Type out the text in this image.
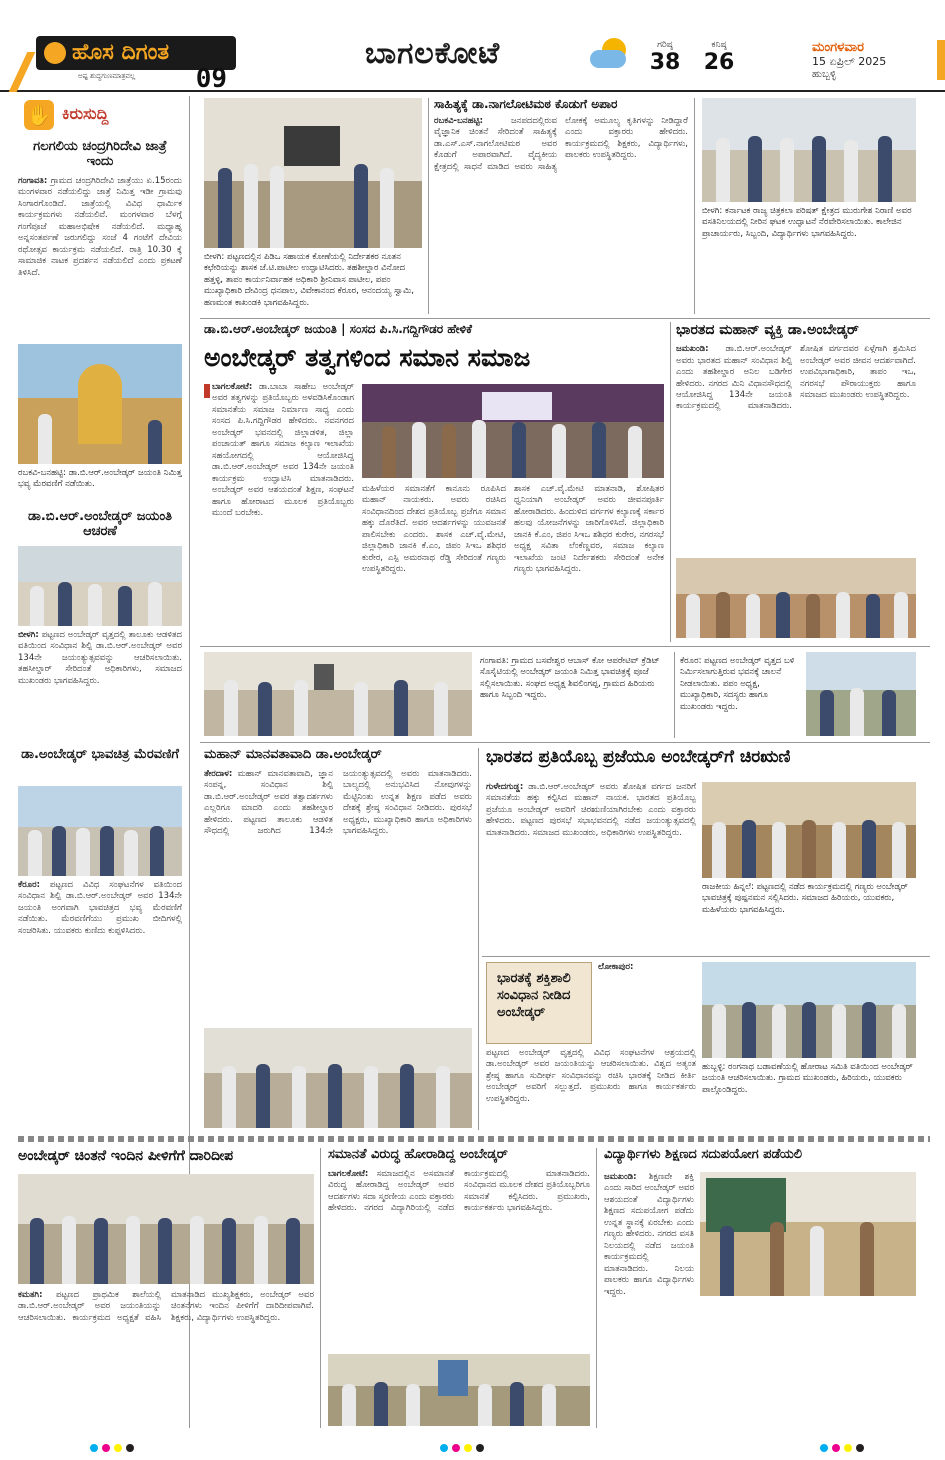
ಹೊಸ ದಿಗಂತ
ಅಷ್ಟ ಶುದ್ಧಗುಣಮಾತ್ರವಲ್ಲ 09
ಬಾಗಲಕೋಟೆ	ಗರಿಷ್ಠ
38
ಕನಿಷ್ಠ
26
ಮಂಗಳವಾರ
15 ಏಪ್ರಿಲ್ 2025
ಹುಬ್ಬಳ್ಳಿ
✋ ಕಿರುಸುದ್ದಿ
ಗಲಗಲಿಯ ಚಂದ್ರಗಿರಿದೇವಿ ಜಾತ್ರೆ ಇಂದು
ಗಂಗಾವತಿ: ಗ್ರಾಮದ ಚಂದ್ರಗಿರಿದೇವಿ ಜಾತ್ರೆಯು ಏ.15ರಂದು ಮಂಗಳವಾರ ನಡೆಯಲಿದ್ದು ಜಾತ್ರೆ ನಿಮಿತ್ತ ಇಡೀ ಗ್ರಾಮವು ಸಿಂಗಾರಗೊಂಡಿದೆ. ಜಾತ್ರೆಯಲ್ಲಿ ವಿವಿಧ ಧಾರ್ಮಿಕ ಕಾರ್ಯಕ್ರಮಗಳು ನಡೆಯಲಿವೆ. ಮಂಗಳವಾರ ಬೆಳಗ್ಗೆ ಗಂಗೆಪೂಜೆ ಮಹಾಅಭಿಷೇಕ ನಡೆಯಲಿದೆ. ಮಧ್ಯಾಹ್ನ ಅನ್ನಸಂತರ್ಪಣೆ ಜರುಗಲಿದ್ದು ಸಂಜೆ 4 ಗಂಟೆಗೆ ದೇವಿಯ ರಥೋತ್ಸವ ಕಾರ್ಯಕ್ರಮ ನಡೆಯಲಿದೆ. ರಾತ್ರಿ 10.30 ಕ್ಕೆ ಸಾಮಾಜಿಕ ನಾಟಕ ಪ್ರದರ್ಶನ ನಡೆಯಲಿದೆ ಎಂದು ಪ್ರಕಟಣೆ ತಿಳಿಸಿದೆ.
ರಬಕವಿ-ಬನಹಟ್ಟಿ: ಡಾ.ಬಿ.ಆರ್.ಅಂಬೇಡ್ಕರ್ ಜಯಂತಿ ನಿಮಿತ್ತ ಭವ್ಯ ಮೆರವಣಿಗೆ ನಡೆಯಿತು.
ಡಾ.ಬಿ.ಆರ್.ಅಂಬೇಡ್ಕರ್ ಜಯಂತಿ ಆಚರಣೆ
ಬೀಳಗಿ: ಪಟ್ಟಣದ ಅಂಬೇಡ್ಕರ್ ವೃತ್ತದಲ್ಲಿ ತಾಲೂಕು ಆಡಳಿತದ ವತಿಯಿಂದ ಸಂವಿಧಾನ ಶಿಲ್ಪಿ ಡಾ.ಬಿ.ಆರ್.ಅಂಬೇಡ್ಕರ್ ಅವರ 134ನೇ ಜಯಂತ್ಯುತ್ಸವವನ್ನು ಆಚರಿಸಲಾಯಿತು. ತಹಸೀಲ್ದಾರ್ ಸೇರಿದಂತೆ ಅಧಿಕಾರಿಗಳು, ಸಮಾಜದ ಮುಖಂಡರು ಭಾಗವಹಿಸಿದ್ದರು.
ಡಾ.ಅಂಬೇಡ್ಕರ್ ಭಾವಚಿತ್ರ ಮೆರವಣಿಗೆ
ಕೆರೂರ: ಪಟ್ಟಣದ ವಿವಿಧ ಸಂಘಟನೆಗಳ ವತಿಯಿಂದ ಸಂವಿಧಾನ ಶಿಲ್ಪಿ ಡಾ.ಬಿ.ಆರ್.ಅಂಬೇಡ್ಕರ್ ಅವರ 134ನೇ ಜಯಂತಿ ಅಂಗವಾಗಿ ಭಾವಚಿತ್ರದ ಭವ್ಯ ಮೆರವಣಿಗೆ ನಡೆಯಿತು. ಮೆರವಣಿಗೆಯು ಪ್ರಮುಖ ಬೀದಿಗಳಲ್ಲಿ ಸಂಚರಿಸಿತು. ಯುವಕರು ಕುಣಿದು ಕುಪ್ಪಳಿಸಿದರು.
ಬೀಳಗಿ: ಪಟ್ಟಣದಲ್ಲಿನ ಪಿಡಿಒ ಸಹಾಯಕ ಕೋಣೆಯಲ್ಲಿ ನಿರ್ದೇಶಕರ ನೂತನ ಕಛೇರಿಯನ್ನು ಶಾಸಕ ಜೆ.ಟಿ.ಪಾಟೀಲ ಉದ್ಘಾಟಿಸಿದರು. ತಹಶೀಲ್ದಾರ ವಿನೋದ ಹತ್ತಳ್ಳಿ, ತಾಪಂ ಕಾರ್ಯನಿರ್ವಾಹಕ ಅಧಿಕಾರಿ ಶ್ರೀನಿವಾಸ ಪಾಟೀಲ, ಪಪಂ ಮುಖ್ಯಾಧಿಕಾರಿ ದೇವಿಂದ್ರ ಧನಪಾಲ, ವಿವೇಕಾನಂದ ಕೆರೂರ, ಆನಂದಯ್ಯ ಸ್ವಾಮಿ, ಹಣಮಂತ ಕಾಖಂಡಕಿ ಭಾಗವಹಿಸಿದ್ದರು.
ಸಾಹಿತ್ಯಕ್ಕೆ ಡಾ.ನಾಗಲೋಟಿಮಠ ಕೊಡುಗೆ ಅಪಾರ
ರಬಕವಿ-ಬನಹಟ್ಟಿ:	ಜನಪದದಲ್ಲಿರುವ ವೈಜ್ಞಾನಿಕ ಚಿಂತನೆ ಸೇರಿದಂತೆ ಸಾಹಿತ್ಯಕ್ಕೆ ಡಾ.ಎಸ್.ಎಸ್.ನಾಗಲೋಟಿಮಠ ಅವರ ಕೊಡುಗೆ ಅಪಾರವಾಗಿದೆ. ವೈದ್ಯಕೀಯ ಕ್ಷೇತ್ರದಲ್ಲಿ ಸಾಧನೆ ಮಾಡಿದ ಅವರು ಸಾಹಿತ್ಯ ಲೋಕಕ್ಕೆ ಅಮೂಲ್ಯ ಕೃತಿಗಳನ್ನು ನೀಡಿದ್ದಾರೆ ಎಂದು ವಕ್ತಾರರು ಹೇಳಿದರು. ಕಾರ್ಯಕ್ರಮದಲ್ಲಿ ಶಿಕ್ಷಕರು, ವಿದ್ಯಾರ್ಥಿಗಳು, ಪಾಲಕರು ಉಪಸ್ಥಿತರಿದ್ದರು.
ಬೀಳಗಿ: ಕರ್ನಾಟಕ ರಾಜ್ಯ ಚಿತ್ರಕಲಾ ಪರಿಷತ್ ಕ್ಷೇತ್ರದ ಮುರುಗೇಶ ನಿರಾಣಿ ಅವರ ವಸತಿನಿಲಯದಲ್ಲಿ ನೀರಿನ ಘಟಕ ಉದ್ಘಾಟನೆ ನೆರವೇರಿಸಲಾಯಿತು. ಕಾಲೇಜಿನ ಪ್ರಾಚಾರ್ಯರು, ಸಿಬ್ಬಂದಿ, ವಿದ್ಯಾರ್ಥಿಗಳು ಭಾಗವಹಿಸಿದ್ದರು.
ಡಾ.ಬಿ.ಆರ್.ಅಂಬೇಡ್ಕರ್ ಜಯಂತಿ | ಸಂಸದ ಪಿ.ಸಿ.ಗದ್ದಿಗೌಡರ ಹೇಳಿಕೆ
ಅಂಬೇಡ್ಕರ್ ತತ್ವಗಳಿಂದ ಸಮಾನ ಸಮಾಜ
ಬಾಗಲಕೋಟೆ: ಡಾ.ಬಾಬಾ ಸಾಹೇಬ ಅಂಬೇಡ್ಕರ್ ಅವರ ತತ್ವಗಳನ್ನು ಪ್ರತಿಯೊಬ್ಬರು ಅಳವಡಿಸಿಕೊಂಡಾಗ ಸಮಾನತೆಯ ಸಮಾಜ ನಿರ್ಮಾಣ ಸಾಧ್ಯ ಎಂದು ಸಂಸದ ಪಿ.ಸಿ.ಗದ್ದಿಗೌಡರ ಹೇಳಿದರು. ನವನಗರದ ಅಂಬೇಡ್ಕರ್ ಭವನದಲ್ಲಿ ಜಿಲ್ಲಾಡಳಿತ, ಜಿಲ್ಲಾ ಪಂಚಾಯತ್ ಹಾಗೂ ಸಮಾಜ ಕಲ್ಯಾಣ ಇಲಾಖೆಯ ಸಹಯೋಗದಲ್ಲಿ ಆಯೋಜಿಸಿದ್ದ ಡಾ.ಬಿ.ಆರ್.ಅಂಬೇಡ್ಕರ್ ಅವರ 134ನೇ ಜಯಂತಿ ಕಾರ್ಯಕ್ರಮ ಉದ್ಘಾಟಿಸಿ ಮಾತನಾಡಿದರು. ಅಂಬೇಡ್ಕರ್ ಅವರ ಆಶಯದಂತೆ ಶಿಕ್ಷಣ, ಸಂಘಟನೆ ಹಾಗೂ ಹೋರಾಟದ ಮೂಲಕ ಪ್ರತಿಯೊಬ್ಬರು ಮುಂದೆ ಬರಬೇಕು.
ಮಹಿಳೆಯರ ಸಮಾನತೆಗೆ ಕಾನೂನು ರೂಪಿಸಿದ ಮಹಾನ್ ನಾಯಕರು. ಅವರು ರಚಿಸಿದ ಸಂವಿಧಾನದಿಂದ ದೇಶದ ಪ್ರತಿಯೊಬ್ಬ ಪ್ರಜೆಗೂ ಸಮಾನ ಹಕ್ಕು ದೊರೆತಿದೆ. ಅವರ ಆದರ್ಶಗಳನ್ನು ಯುವಜನತೆ ಪಾಲಿಸಬೇಕು ಎಂದರು. ಶಾಸಕ ಎಚ್.ವೈ.ಮೇಟಿ, ಜಿಲ್ಲಾಧಿಕಾರಿ ಜಾನಕಿ ಕೆ.ಎಂ, ಜಿಪಂ ಸಿಇಒ ಶಶಿಧರ ಕುರೇರ, ಎಸ್ಪಿ ಅಮರನಾಥ ರೆಡ್ಡಿ ಸೇರಿದಂತೆ ಗಣ್ಯರು ಉಪಸ್ಥಿತರಿದ್ದರು.
ಶಾಸಕ ಎಚ್.ವೈ.ಮೇಟಿ ಮಾತನಾಡಿ, ಶೋಷಿತರ ಧ್ವನಿಯಾಗಿ ಅಂಬೇಡ್ಕರ್ ಅವರು ಜೀವನಪೂರ್ತಿ ಹೋರಾಡಿದರು. ಹಿಂದುಳಿದ ವರ್ಗಗಳ ಕಲ್ಯಾಣಕ್ಕೆ ಸರ್ಕಾರ ಹಲವು ಯೋಜನೆಗಳನ್ನು ಜಾರಿಗೊಳಿಸಿದೆ. ಜಿಲ್ಲಾಧಿಕಾರಿ ಜಾನಕಿ ಕೆ.ಎಂ, ಜಿಪಂ ಸಿಇಒ ಶಶಿಧರ ಕುರೇರ, ನಗರಸಭೆ ಅಧ್ಯಕ್ಷ ಸವಿತಾ ಲೆಂಕೆಣ್ಣವರ, ಸಮಾಜ ಕಲ್ಯಾಣ ಇಲಾಖೆಯ ಜಂಟಿ ನಿರ್ದೇಶಕರು ಸೇರಿದಂತೆ ಅನೇಕ ಗಣ್ಯರು ಭಾಗವಹಿಸಿದ್ದರು.
ಭಾರತದ ಮಹಾನ್ ವ್ಯಕ್ತಿ ಡಾ.ಅಂಬೇಡ್ಕರ್
ಜಮಖಂಡಿ: ಡಾ.ಬಿ.ಆರ್.ಅಂಬೇಡ್ಕರ್ ಅವರು ಭಾರತದ ಮಹಾನ್ ಸಂವಿಧಾನ ಶಿಲ್ಪಿ ಎಂದು ತಹಶೀಲ್ದಾರ ಅನಿಲ ಬಡಿಗೇರ ಹೇಳಿದರು. ನಗರದ ಮಿನಿ ವಿಧಾನಸೌಧದಲ್ಲಿ ಆಯೋಜಿಸಿದ್ದ 134ನೇ ಜಯಂತಿ ಕಾರ್ಯಕ್ರಮದಲ್ಲಿ ಮಾತನಾಡಿದರು. ಶೋಷಿತ ವರ್ಗದವರ ಏಳ್ಗೆಗಾಗಿ ಶ್ರಮಿಸಿದ ಅಂಬೇಡ್ಕರ್ ಅವರ ಜೀವನ ಆದರ್ಶವಾಗಿದೆ. ಉಪವಿಭಾಗಾಧಿಕಾರಿ, ತಾಪಂ ಇಒ, ನಗರಸಭೆ ಪೌರಾಯುಕ್ತರು ಹಾಗೂ ಸಮಾಜದ ಮುಖಂಡರು ಉಪಸ್ಥಿತರಿದ್ದರು.
ಗಂಗಾವತಿ: ಗ್ರಾಮದ ಬಸವೇಶ್ವರ ಆಬಾಸ್ ಕೋ ಆಪರೇಟಿವ್ ಕ್ರೆಡಿಟ್ ಸೊಸೈಟಿಯಲ್ಲಿ ಅಂಬೇಡ್ಕರ್ ಜಯಂತಿ ನಿಮಿತ್ತ ಭಾವಚಿತ್ರಕ್ಕೆ ಪೂಜೆ ಸಲ್ಲಿಸಲಾಯಿತು. ಸಂಘದ ಅಧ್ಯಕ್ಷ ಶಿವಲಿಂಗಪ್ಪ, ಗ್ರಾಮದ ಹಿರಿಯರು ಹಾಗೂ ಸಿಬ್ಬಂದಿ ಇದ್ದರು.
ಕೆರೂರ: ಪಟ್ಟಣದ ಅಂಬೇಡ್ಕರ್ ವೃತ್ತದ ಬಳಿ ನಿರ್ಮಿಸಲಾಗುತ್ತಿರುವ ಭವನಕ್ಕೆ ಚಾಲನೆ ನೀಡಲಾಯಿತು. ಪಪಂ ಅಧ್ಯಕ್ಷ, ಮುಖ್ಯಾಧಿಕಾರಿ, ಸದಸ್ಯರು ಹಾಗೂ ಮುಖಂಡರು ಇದ್ದರು.
ಮಹಾನ್ ಮಾನವತಾವಾದಿ ಡಾ.ಅಂಬೇಡ್ಕರ್
ತೇರದಾಳ: ಮಹಾನ್ ಮಾನವತಾವಾದಿ, ಜ್ಞಾನ ಸಂಪನ್ನ, ಸಂವಿಧಾನ ಶಿಲ್ಪಿ ಡಾ.ಬಿ.ಆರ್.ಅಂಬೇಡ್ಕರ್ ಅವರ ತತ್ವಾದರ್ಶಗಳು ಎಲ್ಲರಿಗೂ ಮಾದರಿ ಎಂದು ತಹಶೀಲ್ದಾರ ಹೇಳಿದರು. ಪಟ್ಟಣದ ತಾಲೂಕು ಆಡಳಿತ ಸೌಧದಲ್ಲಿ ಜರುಗಿದ 134ನೇ ಜಯಂತ್ಯುತ್ಸವದಲ್ಲಿ ಅವರು ಮಾತನಾಡಿದರು. ಬಾಲ್ಯದಲ್ಲಿ ಅನುಭವಿಸಿದ ನೋವುಗಳನ್ನು ಮೆಟ್ಟಿನಿಂತು ಉನ್ನತ ಶಿಕ್ಷಣ ಪಡೆದ ಅವರು ದೇಶಕ್ಕೆ ಶ್ರೇಷ್ಠ ಸಂವಿಧಾನ ನೀಡಿದರು. ಪುರಸಭೆ ಅಧ್ಯಕ್ಷರು, ಮುಖ್ಯಾಧಿಕಾರಿ ಹಾಗೂ ಅಧಿಕಾರಿಗಳು ಭಾಗವಹಿಸಿದ್ದರು.
ಭಾರತದ ಪ್ರತಿಯೊಬ್ಬ ಪ್ರಜೆಯೂ ಅಂಬೇಡ್ಕರ್‌ಗೆ ಚಿರಋಣಿ
ಗುಳೇದಗುಡ್ಡ: ಡಾ.ಬಿ.ಆರ್.ಅಂಬೇಡ್ಕರ್ ಅವರು ಶೋಷಿತ ವರ್ಗದ ಜನರಿಗೆ ಸಮಾನತೆಯ ಹಕ್ಕು ಕಲ್ಪಿಸಿದ ಮಹಾನ್ ನಾಯಕ. ಭಾರತದ ಪ್ರತಿಯೊಬ್ಬ ಪ್ರಜೆಯೂ ಅಂಬೇಡ್ಕರ್ ಅವರಿಗೆ ಚಿರಋಣಿಯಾಗಿರಬೇಕು ಎಂದು ವಕ್ತಾರರು ಹೇಳಿದರು. ಪಟ್ಟಣದ ಪುರಸಭೆ ಸಭಾಭವನದಲ್ಲಿ ನಡೆದ ಜಯಂತ್ಯುತ್ಸವದಲ್ಲಿ ಮಾತನಾಡಿದರು. ಸಮಾಜದ ಮುಖಂಡರು, ಅಧಿಕಾರಿಗಳು ಉಪಸ್ಥಿತರಿದ್ದರು.
ರಾಜಕೀಯ ಹಿನ್ನಲೆ: ಪಟ್ಟಣದಲ್ಲಿ ನಡೆದ ಕಾರ್ಯಕ್ರಮದಲ್ಲಿ ಗಣ್ಯರು ಅಂಬೇಡ್ಕರ್ ಭಾವಚಿತ್ರಕ್ಕೆ ಪುಷ್ಪನಮನ ಸಲ್ಲಿಸಿದರು. ಸಮಾಜದ ಹಿರಿಯರು, ಯುವಕರು, ಮಹಿಳೆಯರು ಭಾಗವಹಿಸಿದ್ದರು.
ಭಾರತಕ್ಕೆ ಶಕ್ತಿಶಾಲಿ ಸಂವಿಧಾನ ನೀಡಿದ ಅಂಬೇಡ್ಕರ್
ಲೋಕಾಪುರ:
ಪಟ್ಟಣದ ಅಂಬೇಡ್ಕರ್ ವೃತ್ತದಲ್ಲಿ ವಿವಿಧ ಸಂಘಟನೆಗಳ ಆಶ್ರಯದಲ್ಲಿ ಡಾ.ಅಂಬೇಡ್ಕರ್ ಅವರ ಜಯಂತಿಯನ್ನು ಆಚರಿಸಲಾಯಿತು. ವಿಶ್ವದ ಅತ್ಯಂತ ಶ್ರೇಷ್ಠ ಹಾಗೂ ಸುದೀರ್ಘ ಸಂವಿಧಾನವನ್ನು ರಚಿಸಿ ಭಾರತಕ್ಕೆ ನೀಡಿದ ಕೀರ್ತಿ ಅಂಬೇಡ್ಕರ್ ಅವರಿಗೆ ಸಲ್ಲುತ್ತದೆ. ಪ್ರಮುಖರು ಹಾಗೂ ಕಾರ್ಯಕರ್ತರು ಉಪಸ್ಥಿತರಿದ್ದರು.
ಹುಬ್ಬಳ್ಳಿ: ರಂಗನಾಥ ಬಡಾವಣೆಯಲ್ಲಿ ಹೋರಾಟ ಸಮಿತಿ ವತಿಯಿಂದ ಅಂಬೇಡ್ಕರ್ ಜಯಂತಿ ಆಚರಿಸಲಾಯಿತು. ಗ್ರಾಮದ ಮುಖಂಡರು, ಹಿರಿಯರು, ಯುವಕರು ಪಾಲ್ಗೊಂಡಿದ್ದರು.
ಅಂಬೇಡ್ಕರ್ ಚಿಂತನೆ ಇಂದಿನ ಪೀಳಿಗೆಗೆ ದಾರಿದೀಪ
ಕಮತಗಿ: ಪಟ್ಟಣದ ಪ್ರಾಥಮಿಕ ಶಾಲೆಯಲ್ಲಿ ಡಾ.ಬಿ.ಆರ್.ಅಂಬೇಡ್ಕರ್ ಅವರ ಜಯಂತಿಯನ್ನು ಆಚರಿಸಲಾಯಿತು. ಕಾರ್ಯಕ್ರಮದ ಅಧ್ಯಕ್ಷತೆ ವಹಿಸಿ ಮಾತನಾಡಿದ ಮುಖ್ಯಶಿಕ್ಷಕರು, ಅಂಬೇಡ್ಕರ್ ಅವರ ಚಿಂತನೆಗಳು ಇಂದಿನ ಪೀಳಿಗೆಗೆ ದಾರಿದೀಪವಾಗಿವೆ. ಶಿಕ್ಷಕರು, ವಿದ್ಯಾರ್ಥಿಗಳು ಉಪಸ್ಥಿತರಿದ್ದರು.
ಸಮಾನತೆ ವಿರುದ್ಧ ಹೋರಾಡಿದ್ದ ಅಂಬೇಡ್ಕರ್
ಬಾಗಲಕೋಟೆ: ಸಮಾಜದಲ್ಲಿನ ಅಸಮಾನತೆ ವಿರುದ್ಧ ಹೋರಾಡಿದ್ದ ಅಂಬೇಡ್ಕರ್ ಅವರ ಆದರ್ಶಗಳು ಸದಾ ಸ್ಮರಣೀಯ ಎಂದು ವಕ್ತಾರರು ಹೇಳಿದರು. ನಗರದ ವಿದ್ಯಾಗಿರಿಯಲ್ಲಿ ನಡೆದ ಕಾರ್ಯಕ್ರಮದಲ್ಲಿ ಮಾತನಾಡಿದರು. ಸಂವಿಧಾನದ ಮೂಲಕ ದೇಶದ ಪ್ರತಿಯೊಬ್ಬರಿಗೂ ಸಮಾನತೆ ಕಲ್ಪಿಸಿದರು. ಪ್ರಮುಖರು, ಕಾರ್ಯಕರ್ತರು ಭಾಗವಹಿಸಿದ್ದರು.
ವಿದ್ಯಾರ್ಥಿಗಳು ಶಿಕ್ಷಣದ ಸದುಪಯೋಗ ಪಡೆಯಲಿ
ಜಮಖಂಡಿ: ಶಿಕ್ಷಣವೇ ಶಕ್ತಿ ಎಂದು ಸಾರಿದ ಅಂಬೇಡ್ಕರ್ ಅವರ ಆಶಯದಂತೆ ವಿದ್ಯಾರ್ಥಿಗಳು ಶಿಕ್ಷಣದ ಸದುಪಯೋಗ ಪಡೆದು ಉನ್ನತ ಸ್ಥಾನಕ್ಕೆ ಏರಬೇಕು ಎಂದು ಗಣ್ಯರು ಹೇಳಿದರು. ನಗರದ ವಸತಿ ನಿಲಯದಲ್ಲಿ ನಡೆದ ಜಯಂತಿ ಕಾರ್ಯಕ್ರಮದಲ್ಲಿ ಮಾತನಾಡಿದರು. ನಿಲಯ ಪಾಲಕರು ಹಾಗೂ ವಿದ್ಯಾರ್ಥಿಗಳು ಇದ್ದರು.
